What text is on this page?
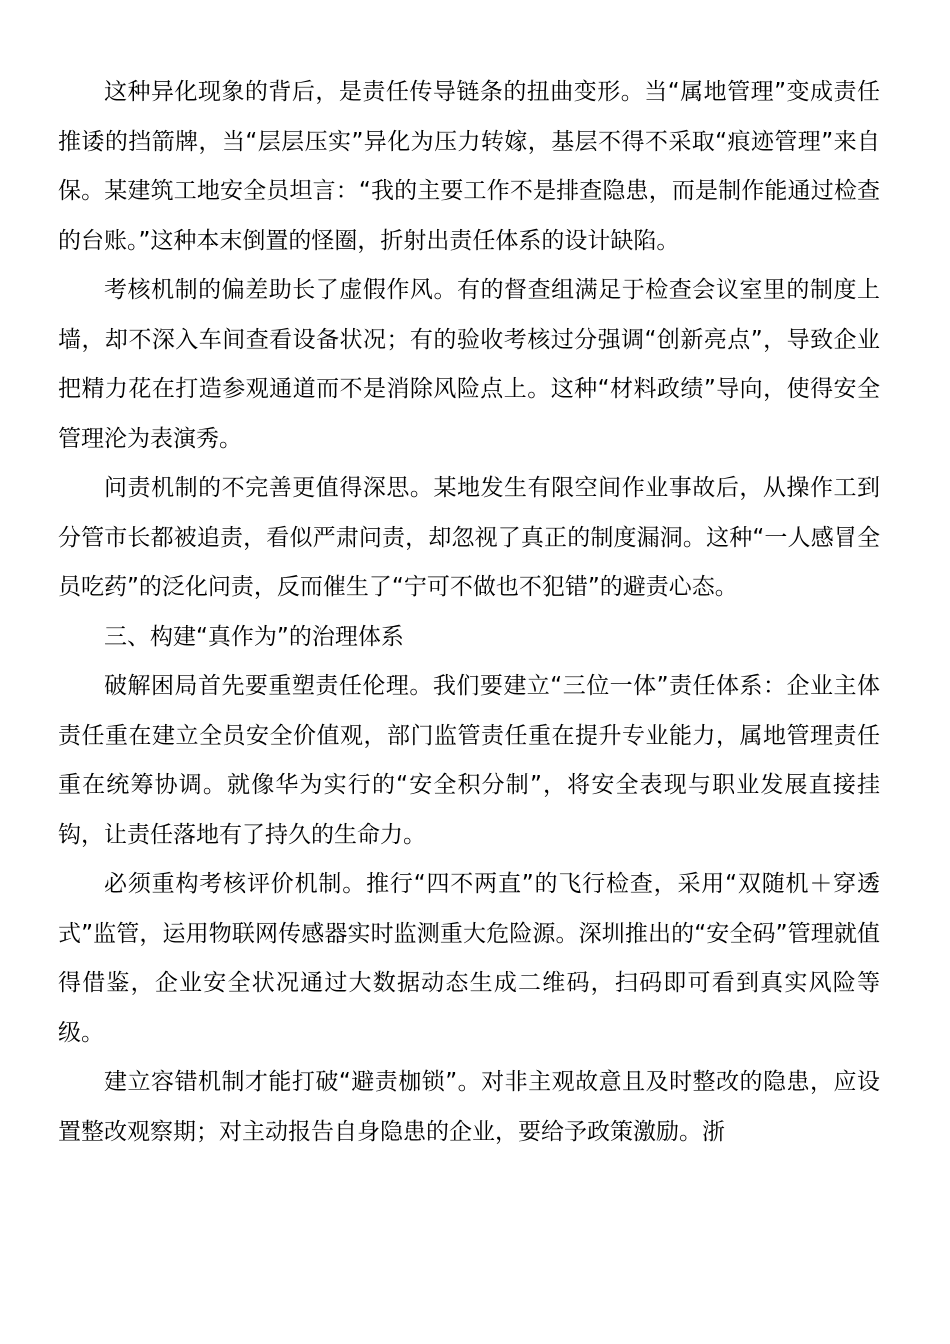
这种异化现象的背后，是责任传导链条的扭曲变形。当“属地管理”变成责任推诿的挡箭牌，当“层层压实”异化为压力转嫁，基层不得不采取“痕迹管理”来自保。某建筑工地安全员坦言：“我的主要工作不是排查隐患，而是制作能通过检查的台账。”这种本末倒置的怪圈，折射出责任体系的设计缺陷。

考核机制的偏差助长了虚假作风。有的督查组满足于检查会议室里的制度上墙，却不深入车间查看设备状况；有的验收考核过分强调“创新亮点”，导致企业把精力花在打造参观通道而不是消除风险点上。这种“材料政绩”导向，使得安全管理沦为表演秀。

问责机制的不完善更值得深思。某地发生有限空间作业事故后，从操作工到分管市长都被追责，看似严肃问责，却忽视了真正的制度漏洞。这种“一人感冒全员吃药”的泛化问责，反而催生了“宁可不做也不犯错”的避责心态。

三、构建“真作为”的治理体系

破解困局首先要重塑责任伦理。我们要建立“三位一体”责任体系：企业主体责任重在建立全员安全价值观，部门监管责任重在提升专业能力，属地管理责任重在统筹协调。就像华为实行的“安全积分制”，将安全表现与职业发展直接挂钩，让责任落地有了持久的生命力。

必须重构考核评价机制。推行“四不两直”的飞行检查，采用“双随机＋穿透式”监管，运用物联网传感器实时监测重大危险源。深圳推出的“安全码”管理就值得借鉴，企业安全状况通过大数据动态生成二维码，扫码即可看到真实风险等级。

建立容错机制才能打破“避责枷锁”。对非主观故意且及时整改的隐患，应设置整改观察期；对主动报告自身隐患的企业，要给予政策激励。浙
